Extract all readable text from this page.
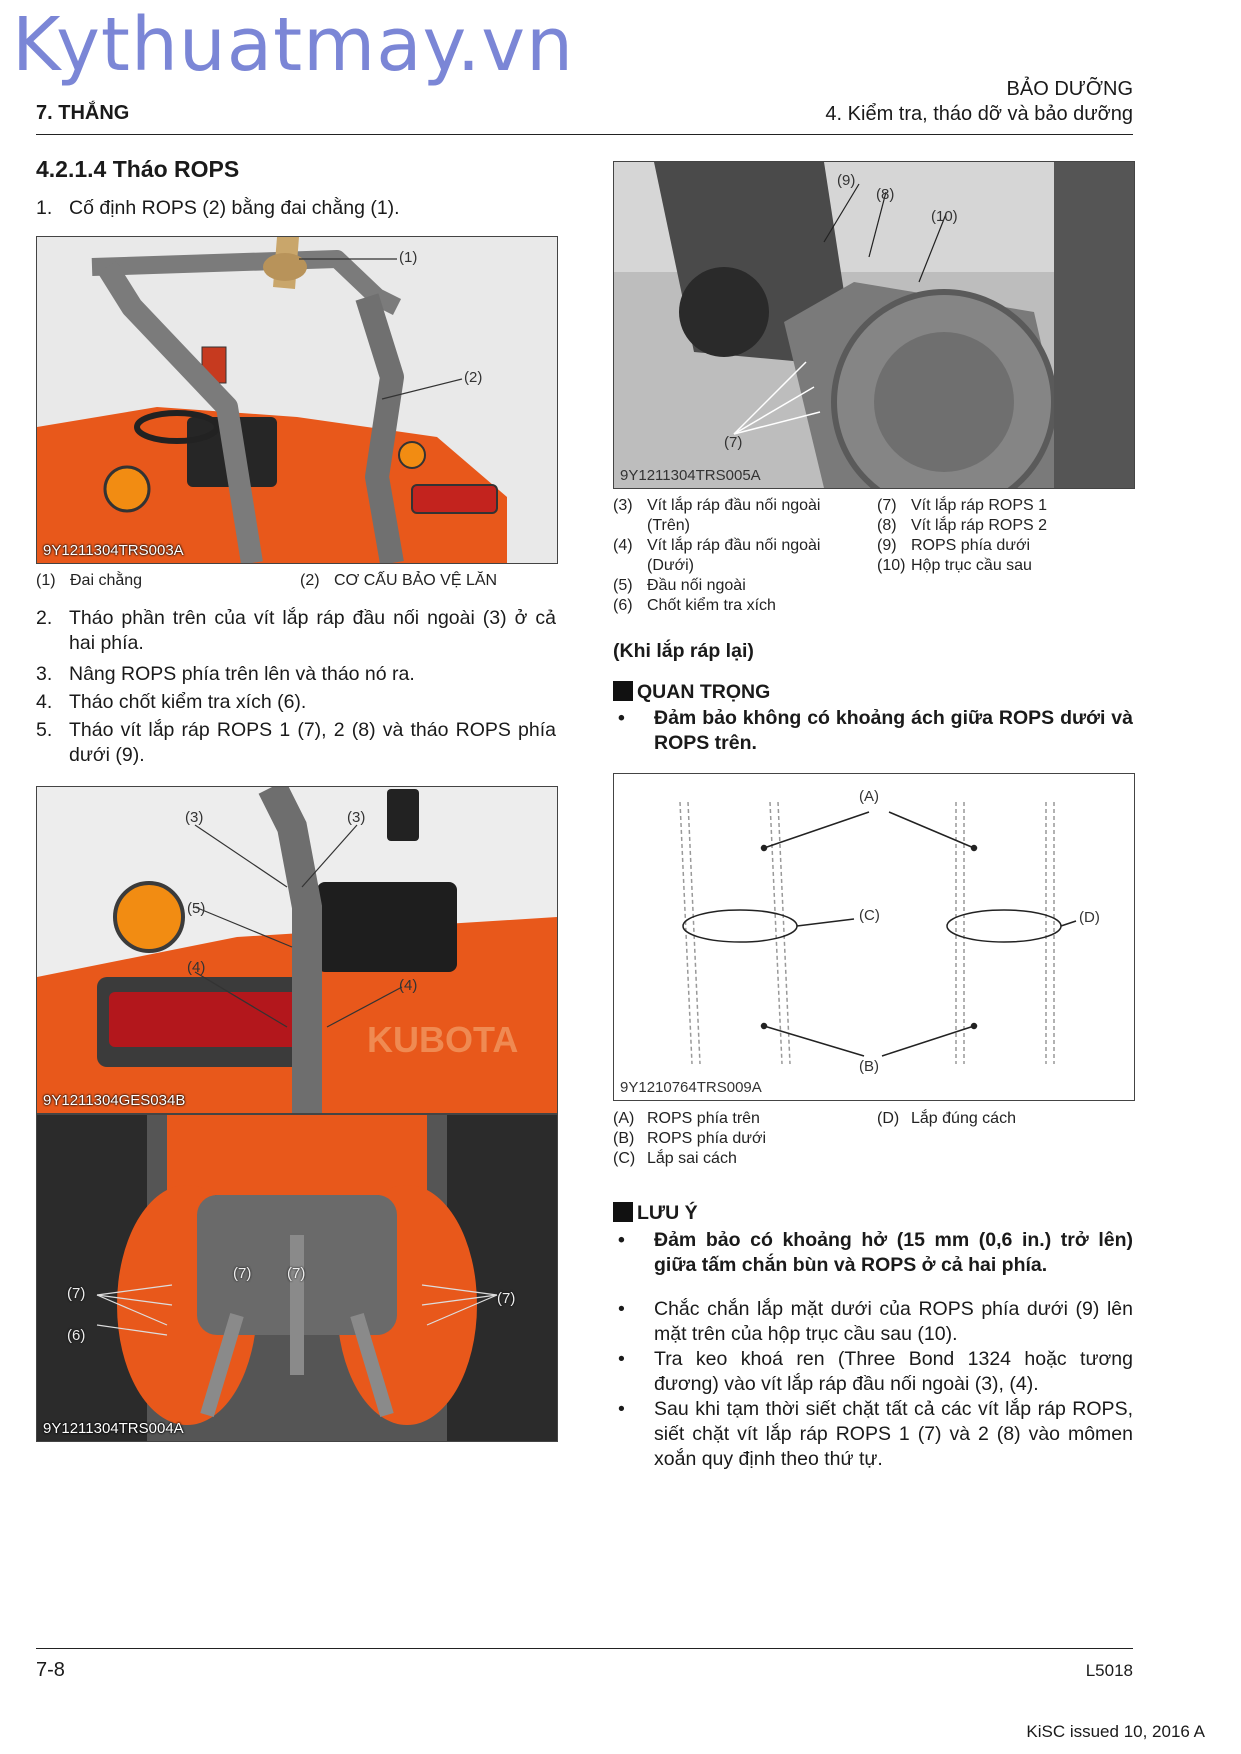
Kythuatmay.vn
7. THẮNG
BẢO DƯỠNG
4. Kiểm tra, tháo dỡ và bảo dưỡng
4.2.1.4 Tháo ROPS
1. Cố định ROPS (2) bằng đai chằng (1).
(1)
(2)
9Y1211304TRS003A
(1) Đai chằng	(2) CƠ CẤU BẢO VỆ LĂN
2. Tháo phần trên của vít lắp ráp đầu nối ngoài (3) ở cả hai phía.
3. Nâng ROPS phía trên lên và tháo nó ra.
4. Tháo chốt kiểm tra xích (6).
5. Tháo vít lắp ráp ROPS 1 (7), 2 (8) và tháo ROPS phía dưới (9).
KUBOTA
(3)	(3)
(5)
(4)
(4)
9Y1211304GES034B
(7)
(7) (7)
(7)
(6)
9Y1211304TRS004A
(9)
(8)
(10)
(7)
9Y1211304TRS005A
(3) Vít lắp ráp đầu nối ngoài
(Trên)
(4) Vít lắp ráp đầu nối ngoài
(Dưới)
(5) Đầu nối ngoài
(6) Chốt kiểm tra xích
(7) Vít lắp ráp ROPS 1
(8) Vít lắp ráp ROPS 2
(9) ROPS phía dưới
(10) Hộp trục cầu sau
(Khi lắp ráp lại)
QUAN TRỌNG
• Đảm bảo không có khoảng ách giữa ROPS dưới và ROPS trên.
(A)
(B)
(C)	(D)
9Y1210764TRS009A
(A) ROPS phía trên
(B) ROPS phía dưới
(C) Lắp sai cách
(D) Lắp đúng cách
LƯU Ý
• Đảm bảo có khoảng hở (15 mm (0,6 in.) trở lên) giữa tấm chắn bùn và ROPS ở cả hai phía.
• Chắc chắn lắp mặt dưới của ROPS phía dưới (9) lên mặt trên của hộp trục cầu sau (10).
• Tra keo khoá ren (Three Bond 1324 hoặc tương đương) vào vít lắp ráp đầu nối ngoài (3), (4).
• Sau khi tạm thời siết chặt tất cả các vít lắp ráp ROPS, siết chặt vít lắp ráp ROPS 1 (7) và 2 (8) vào mômen xoắn quy định theo thứ tự.
7-8	L5018
KiSC issued 10, 2016 A
